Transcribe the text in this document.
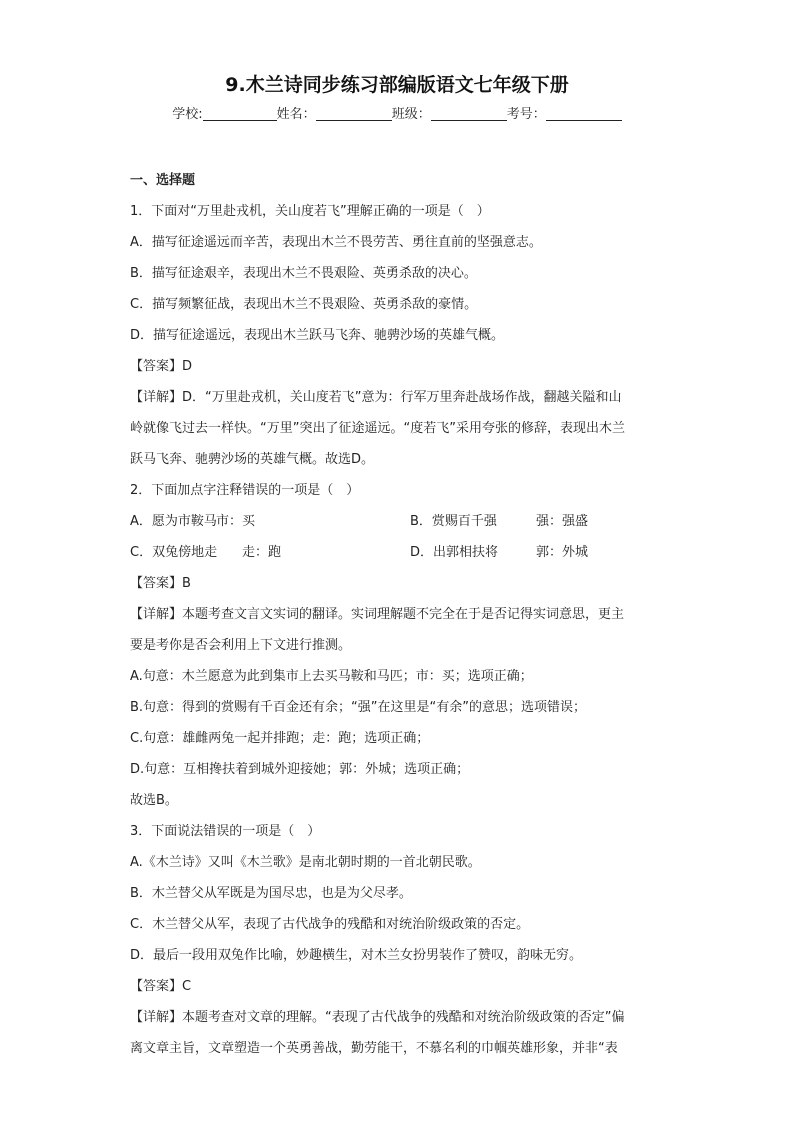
9.木兰诗同步练习部编版语文七年级下册
学校:	姓名：	班级：	考号：
一、选择题
1．下面对“万里赴戎机，关山度若飞”理解正确的一项是（　）
A．描写征途遥远而辛苦，表现出木兰不畏劳苦、勇往直前的坚强意志。
B．描写征途艰辛，表现出木兰不畏艰险、英勇杀敌的决心。
C．描写频繁征战，表现出木兰不畏艰险、英勇杀敌的豪情。
D．描写征途遥远，表现出木兰跃马飞奔、驰骋沙场的英雄气概。
【答案】D
【详解】D．“万里赴戎机，关山度若飞”意为：行军万里奔赴战场作战，翻越关隘和山
岭就像飞过去一样快。“万里”突出了征途遥远。“度若飞”采用夸张的修辞，表现出木兰
跃马飞奔、驰骋沙场的英雄气概。故选D。
2．下面加点字注释错误的一项是（　）
A．愿为市鞍马市：买	B．赏赐百千强	强：强盛
C．双兔傍地走 走：跑	D．出郭相扶将	郭：外城
【答案】B
【详解】本题考查文言文实词的翻译。实词理解题不完全在于是否记得实词意思，更主
要是考你是否会利用上下文进行推测。
A.句意：木兰愿意为此到集市上去买马鞍和马匹；市：买；选项正确；
B.句意：得到的赏赐有千百金还有余；“强”在这里是“有余”的意思；选项错误；
C.句意：雄雌两兔一起并排跑；走：跑；选项正确；
D.句意：互相搀扶着到城外迎接她；郭：外城；选项正确；
故选B。
3．下面说法错误的一项是（　）
A.《木兰诗》又叫《木兰歌》是南北朝时期的一首北朝民歌。
B．木兰替父从军既是为国尽忠，也是为父尽孝。
C．木兰替父从军，表现了古代战争的残酷和对统治阶级政策的否定。
D．最后一段用双兔作比喻，妙趣横生，对木兰女扮男装作了赞叹，韵味无穷。
【答案】C
【详解】本题考查对文章的理解。“表现了古代战争的残酷和对统治阶级政策的否定”偏
离文章主旨，文章塑造一个英勇善战，勤劳能干，不慕名利的巾帼英雄形象，并非“表
